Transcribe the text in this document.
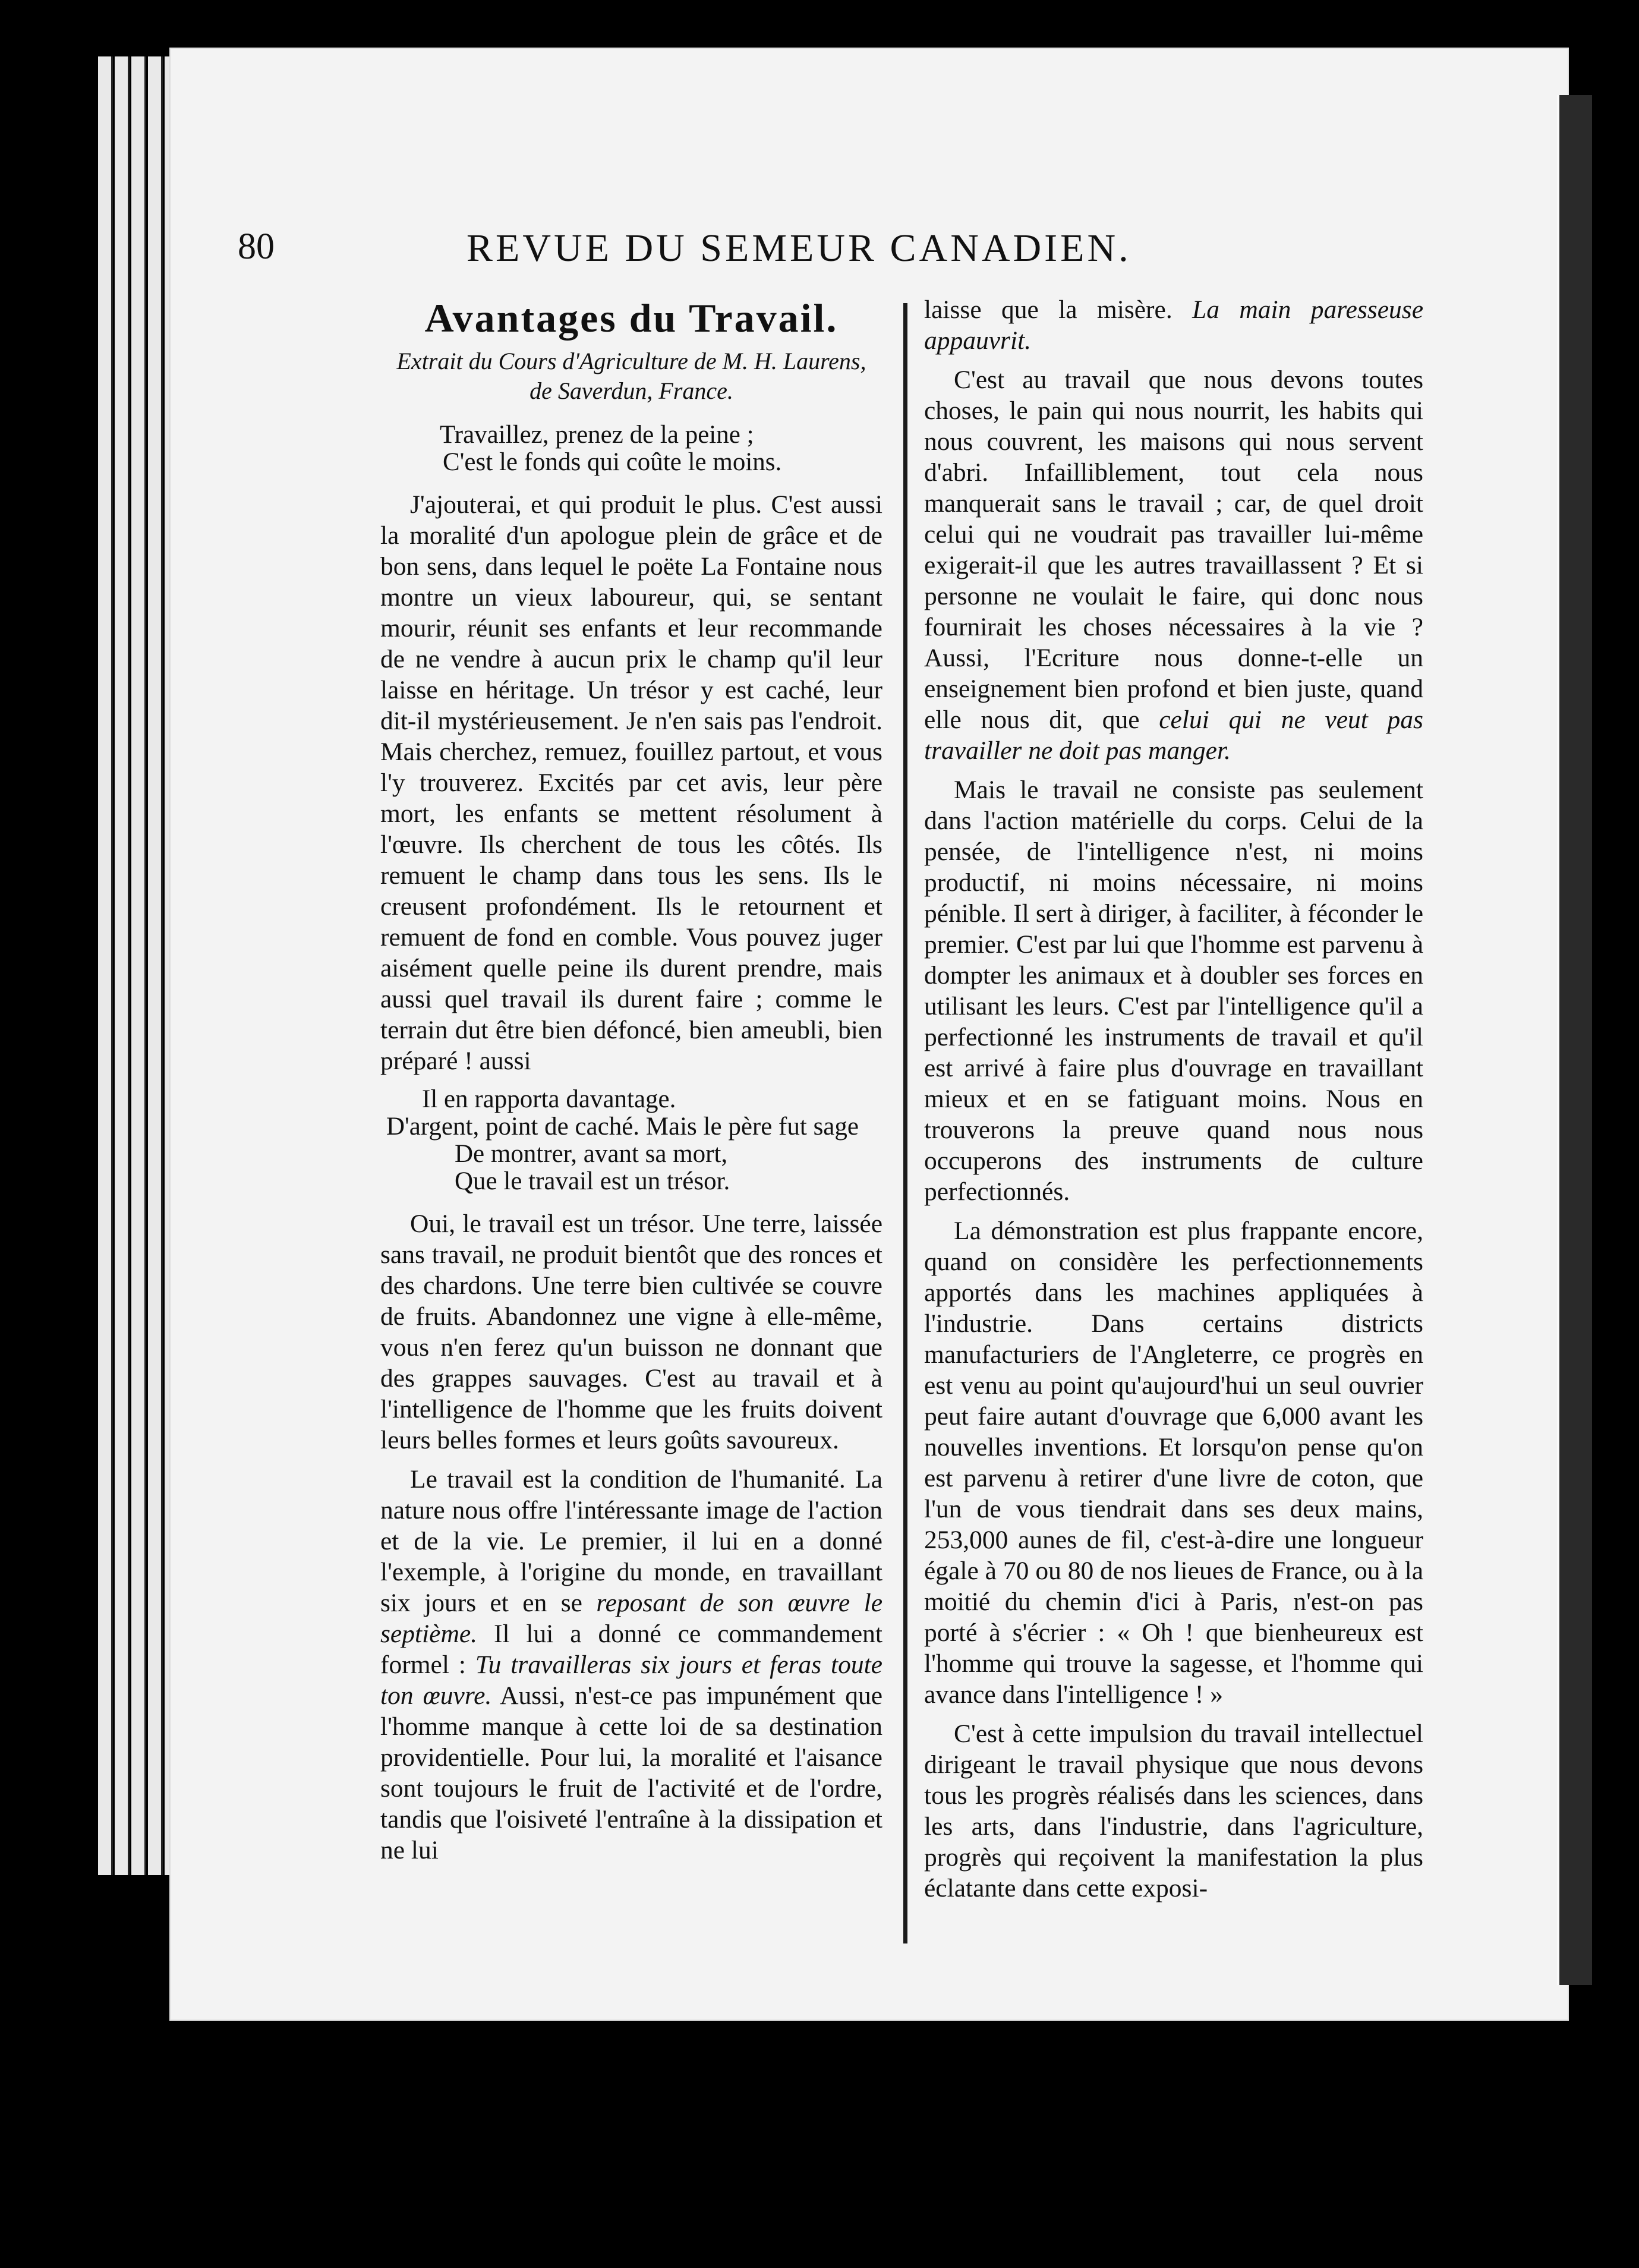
80	REVUE DU SEMEUR CANADIEN.
Avantages du Travail.
Extrait du Cours d'Agriculture de M. H. Laurens,
de Saverdun, France.
Travaillez, prenez de la peine ;
C'est le fonds qui coûte le moins.

J'ajouterai, et qui produit le plus. C'est aussi la moralité d'un apologue plein de grâce et de bon sens, dans lequel le poëte La Fontaine nous montre un vieux laboureur, qui, se sentant mourir, réunit ses enfants et leur recommande de ne vendre à aucun prix le champ qu'il leur laisse en héritage. Un trésor y est caché, leur dit-il mystérieusement. Je n'en sais pas l'endroit. Mais cherchez, remuez, fouillez partout, et vous l'y trouverez. Excités par cet avis, leur père mort, les enfants se mettent résolument à l'œuvre. Ils cherchent de tous les côtés. Ils remuent le champ dans tous les sens. Ils le creusent profondément. Ils le retournent et remuent de fond en comble. Vous pouvez juger aisément quelle peine ils durent prendre, mais aussi quel travail ils durent faire ; comme le terrain dut être bien défoncé, bien ameubli, bien préparé ! aussi

Il en rapporta davantage.
D'argent, point de caché. Mais le père fut sage
De montrer, avant sa mort,
Que le travail est un trésor.

Oui, le travail est un trésor. Une terre, laissée sans travail, ne produit bientôt que des ronces et des chardons. Une terre bien cultivée se couvre de fruits. Abandonnez une vigne à elle-même, vous n'en ferez qu'un buisson ne donnant que des grappes sauvages. C'est au travail et à l'intelligence de l'homme que les fruits doivent leurs belles formes et leurs goûts savoureux.

Le travail est la condition de l'humanité. La nature nous offre l'intéressante image de l'action et de la vie. Le premier, il lui en a donné l'exemple, à l'origine du monde, en travaillant six jours et en se reposant de son œuvre le septième. Il lui a donné ce commandement formel : Tu travailleras six jours et feras toute ton œuvre. Aussi, n'est-ce pas impunément que l'homme manque à cette loi de sa destination providentielle. Pour lui, la moralité et l'aisance sont toujours le fruit de l'activité et de l'ordre, tandis que l'oisiveté l'entraîne à la dissipation et ne lui

laisse que la misère. La main paresseuse appauvrit.

C'est au travail que nous devons toutes choses, le pain qui nous nourrit, les habits qui nous couvrent, les maisons qui nous servent d'abri. Infailliblement, tout cela nous manquerait sans le travail ; car, de quel droit celui qui ne voudrait pas travailler lui-même exigerait-il que les autres travaillassent ? Et si personne ne voulait le faire, qui donc nous fournirait les choses nécessaires à la vie ? Aussi, l'Ecriture nous donne-t-elle un enseignement bien profond et bien juste, quand elle nous dit, que celui qui ne veut pas travailler ne doit pas manger.

Mais le travail ne consiste pas seulement dans l'action matérielle du corps. Celui de la pensée, de l'intelligence n'est, ni moins productif, ni moins nécessaire, ni moins pénible. Il sert à diriger, à faciliter, à féconder le premier. C'est par lui que l'homme est parvenu à dompter les animaux et à doubler ses forces en utilisant les leurs. C'est par l'intelligence qu'il a perfectionné les instruments de travail et qu'il est arrivé à faire plus d'ouvrage en travaillant mieux et en se fatiguant moins. Nous en trouverons la preuve quand nous nous occuperons des instruments de culture perfectionnés.

La démonstration est plus frappante encore, quand on considère les perfectionnements apportés dans les machines appliquées à l'industrie. Dans certains districts manufacturiers de l'Angleterre, ce progrès en est venu au point qu'aujourd'hui un seul ouvrier peut faire autant d'ouvrage que 6,000 avant les nouvelles inventions. Et lorsqu'on pense qu'on est parvenu à retirer d'une livre de coton, que l'un de vous tiendrait dans ses deux mains, 253,000 aunes de fil, c'est-à-dire une longueur égale à 70 ou 80 de nos lieues de France, ou à la moitié du chemin d'ici à Paris, n'est-on pas porté à s'écrier : « Oh ! que bienheureux est l'homme qui trouve la sagesse, et l'homme qui avance dans l'intelligence ! »

C'est à cette impulsion du travail intellectuel dirigeant le travail physique que nous devons tous les progrès réalisés dans les sciences, dans les arts, dans l'industrie, dans l'agriculture, progrès qui reçoivent la manifestation la plus éclatante dans cette exposi-
